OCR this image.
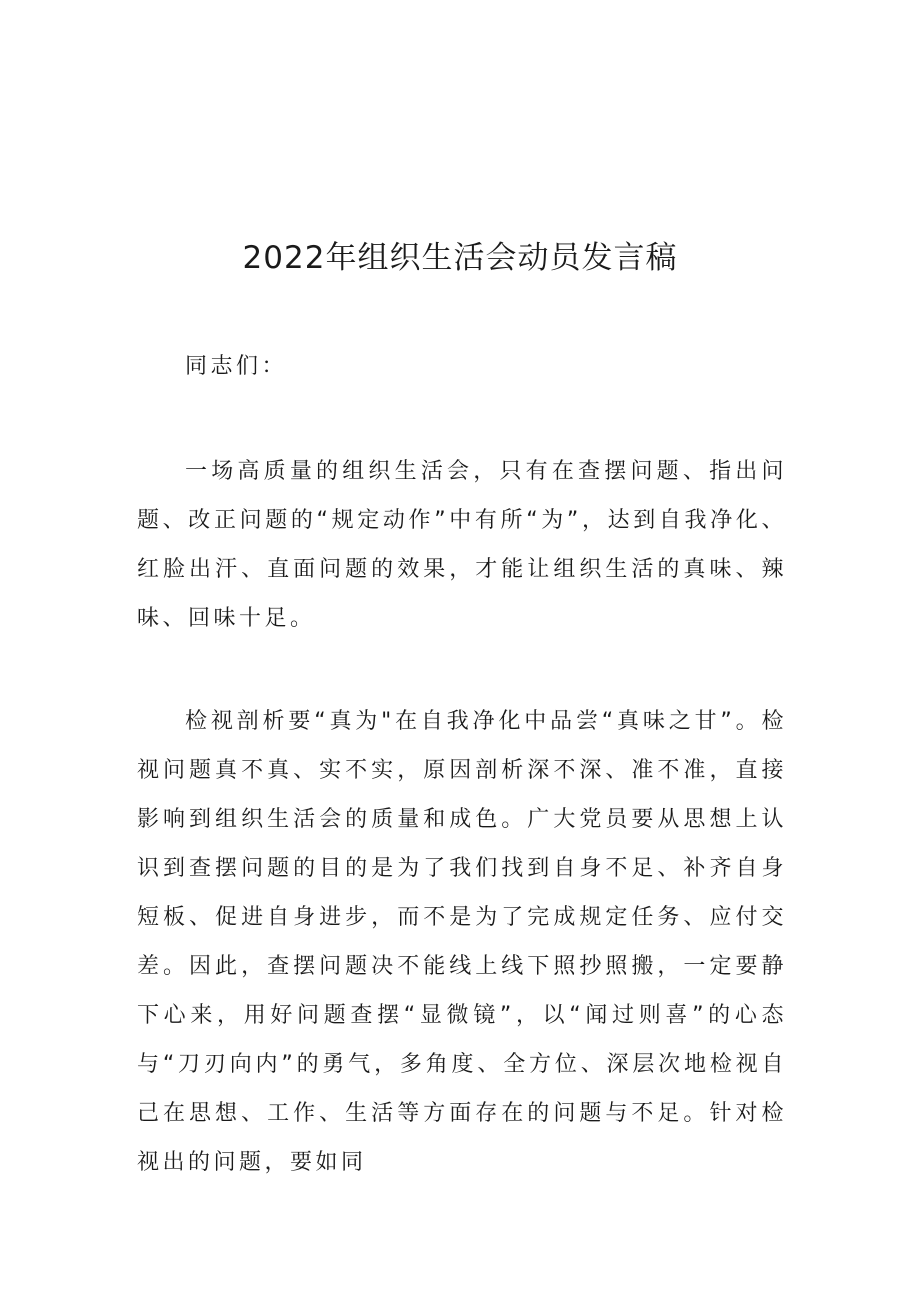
2022年组织生活会动员发言稿

同志们：

一场高质量的组织生活会，只有在查摆问题、指出问题、改正问题的“规定动作”中有所“为”，达到自我净化、红脸出汗、直面问题的效果，才能让组织生活的真味、辣味、回味十足。

检视剖析要“真为"在自我净化中品尝“真味之甘”。检视问题真不真、实不实，原因剖析深不深、准不准，直接影响到组织生活会的质量和成色。广大党员要从思想上认识到查摆问题的目的是为了我们找到自身不足、补齐自身短板、促进自身进步，而不是为了完成规定任务、应付交差。因此，查摆问题决不能线上线下照抄照搬，一定要静下心来，用好问题查摆“显微镜”，以“闻过则喜”的心态与“刀刃向内”的勇气，多角度、全方位、深层次地检视自己在思想、工作、生活等方面存在的问题与不足。针对检视出的问题，要如同
